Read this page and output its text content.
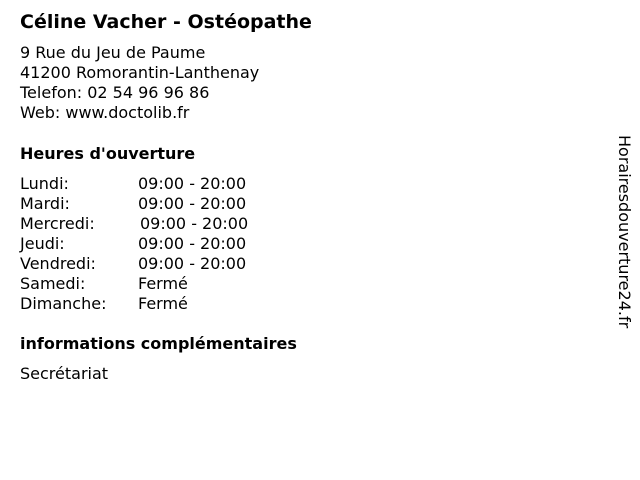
Céline Vacher - Ostéopathe
9 Rue du Jeu de Paume
41200 Romorantin-Lanthenay
Telefon: 02 54 96 96 86
Web: www.doctolib.fr
Heures d'ouverture
Lundi:	09:00 - 20:00
Mardi:	09:00 - 20:00
Mercredi:	09:00 - 20:00
Jeudi:	09:00 - 20:00
Vendredi:	09:00 - 20:00
Samedi:	Fermé
Dimanche: Fermé
informations complémentaires
Secrétariat
Horairesdouverture24.fr
